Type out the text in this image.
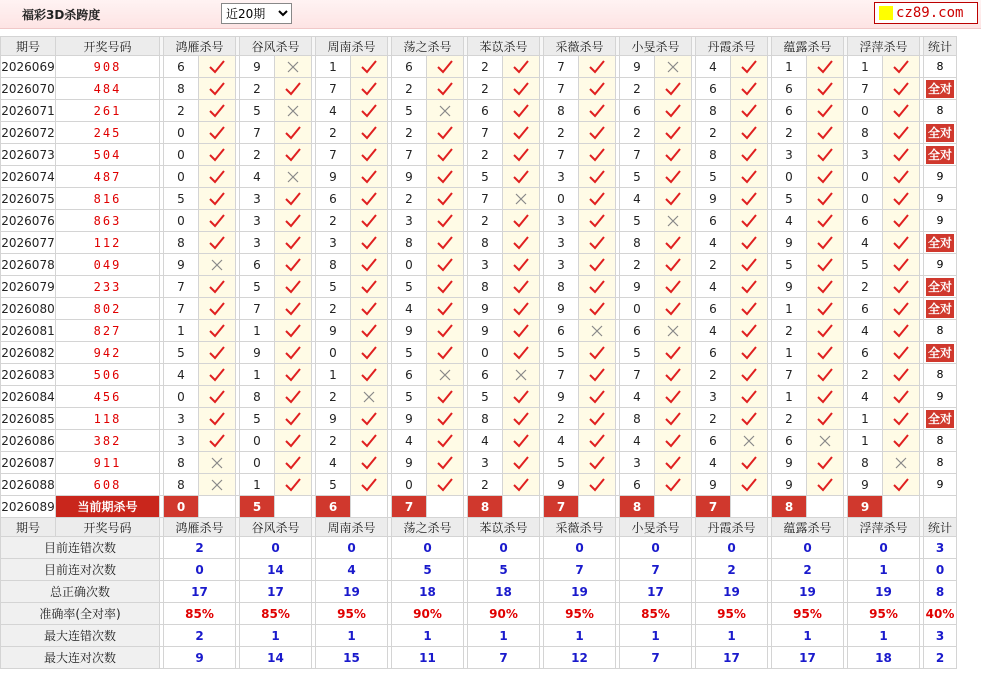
福彩3D杀跨度
近20期	cz89.com
期号	开奖号码		鸿雁杀号			谷风杀号			周南杀号			荡之杀号			苯苡杀号			采薇杀号			小旻杀号			丹霞杀号			蕴露杀号			浮萍杀号			统计
2026069	908		6			9			1			6			2			7			9			4			1			1			8
2026070	484		8			2			7			2			2			7			2			6			6			7			全对
2026071	261		2			5			4			5			6			8			6			8			6			0			8
2026072	245		0			7			2			2			7			2			2			2			2			8			全对
2026073	504		0			2			7			7			2			7			7			8			3			3			全对
2026074	487		0			4			9			9			5			3			5			5			0			0			9
2026075	816		5			3			6			2			7			0			4			9			5			0			9
2026076	863		0			3			2			3			2			3			5			6			4			6			9
2026077	112		8			3			3			8			8			3			8			4			9			4			全对
2026078	049		9			6			8			0			3			3			2			2			5			5			9
2026079	233		7			5			5			5			8			8			9			4			9			2			全对
2026080	802		7			7			2			4			9			9			0			6			1			6			全对
2026081	827		1			1			9			9			9			6			6			4			2			4			8
2026082	942		5			9			0			5			0			5			5			6			1			6			全对
2026083	506		4			1			1			6			6			7			7			2			7			2			8
2026084	456		0			8			2			5			5			9			4			3			1			4			9
2026085	118		3			5			9			9			8			2			8			2			2			1			全对
2026086	382		3			0			2			4			4			4			4			6			6			1			8
2026087	911		8			0			4			9			3			5			3			4			9			8			8
2026088	608		8			1			5			0			2			9			6			9			9			9			9
2026089	当前期杀号		0			5			6			7			8			7			8			7			8			9			
期号	开奖号码		鸿雁杀号			谷风杀号			周南杀号			荡之杀号			苯苡杀号			采薇杀号			小旻杀号			丹霞杀号			蕴露杀号			浮萍杀号			统计
目前连错次数			2			0			0			0			0			0			0			0			0			0			3
目前连对次数			0			14			4			5			5			7			7			2			2			1			0
总正确次数			17			17			19			18			18			19			17			19			19			19			8
准确率(全对率)			85%			85%			95%			90%			90%			95%			85%			95%			95%			95%			40%
最大连错次数			2			1			1			1			1			1			1			1			1			1			3
最大连对次数			9			14			15			11			7			12			7			17			17			18			2
